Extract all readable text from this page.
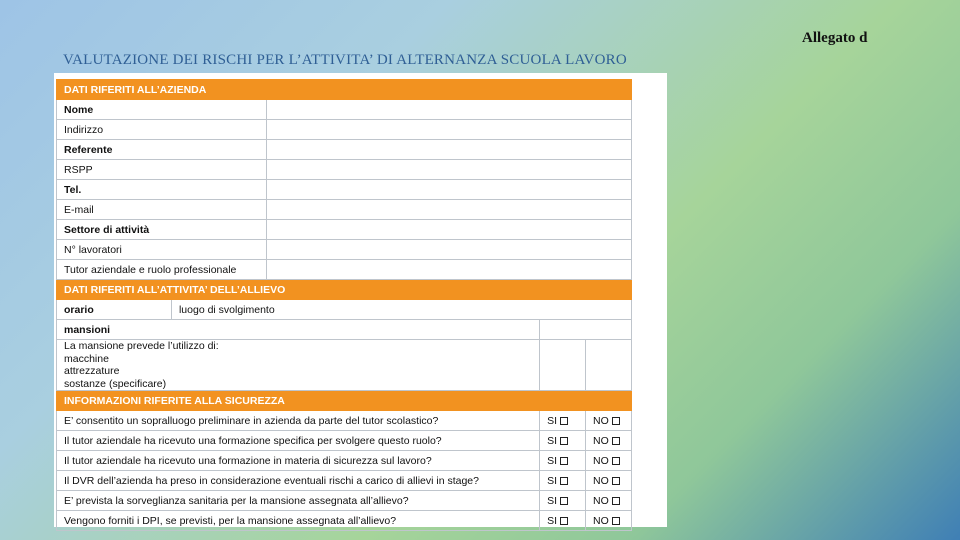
Allegato d
VALUTAZIONE DEI RISCHI PER L’ATTIVITA’ DI ALTERNANZA SCUOLA LAVORO
DATI RIFERITI ALL’AZIENDA				
Nome				
Indirizzo				
Referente				
RSPP				
Tel.				
E-mail				
Settore di attività				
N° lavoratori				
Tutor aziendale e ruolo professionale				
DATI RIFERITI ALL’ATTIVITA’ DELL’ALLIEVO				
orario	luogo di svolgimento			
mansioni				

La mansione prevede l’utilizzo di:
macchine
attrezzature
sostanze (specificare)				

INFORMAZIONI RIFERITE ALLA SICUREZZA				
E’ consentito un sopralluogo preliminare in azienda da parte del tutor scolastico?			SI	NO
Il tutor aziendale ha ricevuto una formazione specifica per svolgere questo ruolo?			SI	NO
Il tutor aziendale ha ricevuto una formazione in materia di sicurezza sul lavoro?			SI	NO
Il DVR dell’azienda ha preso in considerazione eventuali rischi a carico di allievi in stage?			SI	NO
E’ prevista la sorveglianza sanitaria per la mansione assegnata all’allievo?			SI	NO
Vengono forniti i DPI, se previsti, per la mansione assegnata all’allievo?			SI	NO
